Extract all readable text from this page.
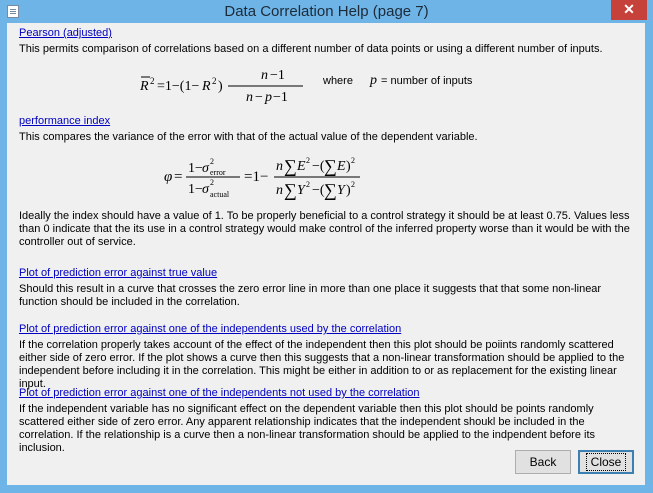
Data Correlation Help (page 7)	✕
Pearson (adjusted)
This permits comparison of correlations based on a different number of data points or using a different number of inputs.
R 2 =1−(1− R 2 )
n −1
n − p −1
where p = number of inputs
performance index
This compares the variance of the error with that of the actual value of the dependent variable.
φ =
1− σ 2
error
1− σ 2
actual
=1−
n ∑ E 2 −( ∑ E ) 2
n ∑ Y 2 −( ∑ Y ) 2
Ideally the index should have a value of 1. To be properly beneficial to a control strategy it should be at least 0.75. Values less than 0 indicate that the its use in a control strategy would make control of the inferred property worse than it would be with the controller out of service.
Plot of prediction error against true value
Should this result in a curve that crosses the zero error line in more than one place it suggests that that some non-linear function should be included in the correlation.
Plot of prediction error against one of the independents used by the correlation
If the correlation properly takes account of the effect of the independent then this plot should be poiints randomly scattered either side of zero error. If the plot shows a curve then this suggests that a non-linear transformation should be applied to the independent before including it in the correlation. This might be either in addition to or as replacement for the existing linear input.
Plot of prediction error against one of the independents not used by the correlation
If the independent variable has no significant effect on the dependent variable then this plot should be points randomly scattered either side of zero error. Any apparent relationship indicates that the independent shoukl be included in the correlation. If the relationship is a curve then a non-linear transformation should be applied to the indpendent before its inclusion.
Back	Close
